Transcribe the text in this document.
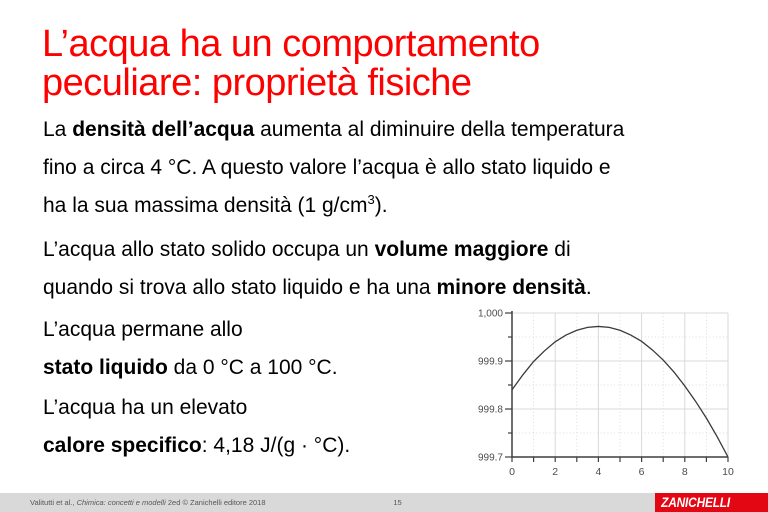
L’acqua ha un comportamento
peculiare: proprietà fisiche

La densità dell’acqua aumenta al diminuire della temperatura
fino a circa 4 °C. A questo valore l’acqua è allo stato liquido e
ha la sua massima densità (1 $g/cm^3$).

L’acqua allo stato solido occupa un volume maggiore di
quando si trova allo stato liquido e ha una minore densità.

L’acqua permane allo
stato liquido da 0 °C a 100 °C.

L’acqua ha un elevato
calore specifico: 4,18 J/(g · °C).

1,000
999.9
999.8
999.7
0	2	4	6	8	10
Valitutti et al., Chimica: concetti e modelli 2ed © Zanichelli editore 2018	15	ZANICHELLI
